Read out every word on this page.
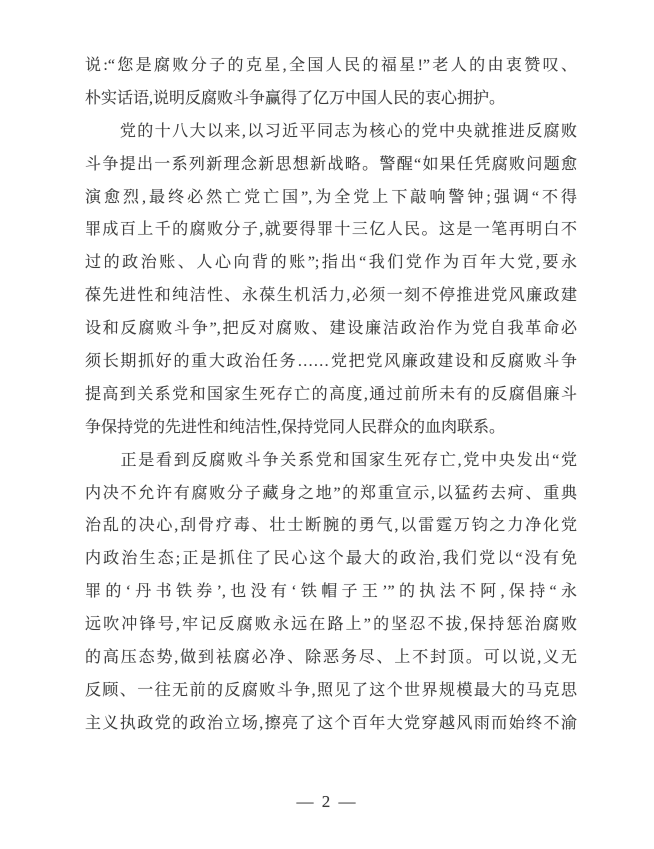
说:“您是腐败分子的克星,全国人民的福星!”老人的由衷赞叹、

朴实话语,说明反腐败斗争赢得了亿万中国人民的衷心拥护。

　　党的十八大以来,以习近平同志为核心的党中央就推进反腐败

斗争提出一系列新理念新思想新战略。警醒“如果任凭腐败问题愈

演愈烈,最终必然亡党亡国”,为全党上下敲响警钟;强调“不得

罪成百上千的腐败分子,就要得罪十三亿人民。这是一笔再明白不

过的政治账、人心向背的账”;指出“我们党作为百年大党,要永

葆先进性和纯洁性、永葆生机活力,必须一刻不停推进党风廉政建

设和反腐败斗争”,把反对腐败、建设廉洁政治作为党自我革命必

须长期抓好的重大政治任务……党把党风廉政建设和反腐败斗争

提高到关系党和国家生死存亡的高度,通过前所未有的反腐倡廉斗

争保持党的先进性和纯洁性,保持党同人民群众的血肉联系。

　　正是看到反腐败斗争关系党和国家生死存亡,党中央发出“党

内决不允许有腐败分子藏身之地”的郑重宣示,以猛药去疴、重典

治乱的决心,刮骨疗毒、壮士断腕的勇气,以雷霆万钧之力净化党

内政治生态;正是抓住了民心这个最大的政治,我们党以“没有免

罪的‘丹书铁券’,也没有‘铁帽子王’”的执法不阿,保持“永

远吹冲锋号,牢记反腐败永远在路上”的坚忍不拔,保持惩治腐败

的高压态势,做到袪腐必净、除恶务尽、上不封顶。可以说,义无

反顾、一往无前的反腐败斗争,照见了这个世界规模最大的马克思

主义执政党的政治立场,擦亮了这个百年大党穿越风雨而始终不渝

— 2 —
